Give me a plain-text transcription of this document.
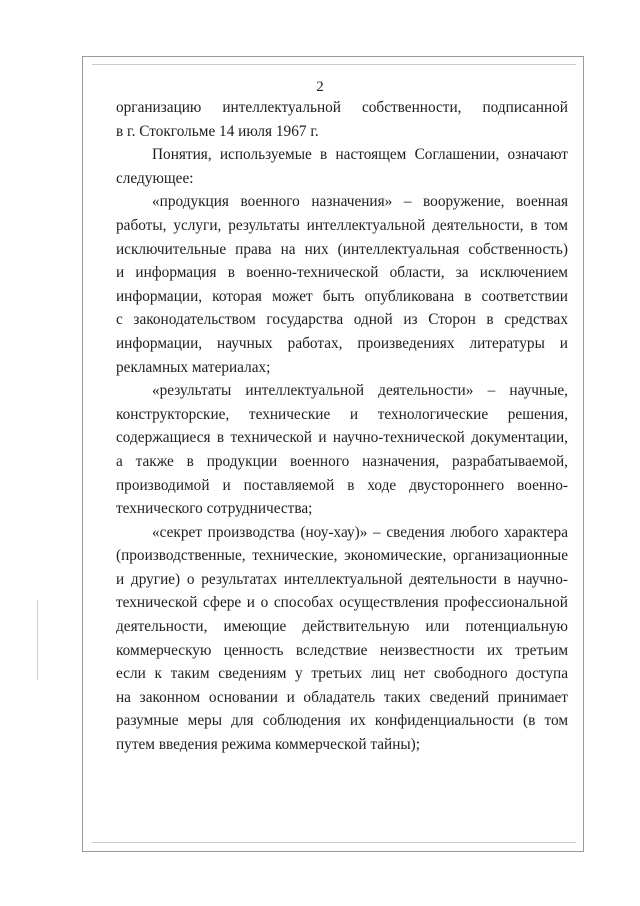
2
организацию интеллектуальной собственности, подписанной
в г. Стокгольме 14 июля 1967 г.
Понятия, используемые в настоящем Соглашении, означают
следующее:
«продукция военного назначения» – вооружение, военная
работы, услуги, результаты интеллектуальной деятельности, в том
исключительные права на них (интеллектуальная собственность)
и информация в военно-технической области, за исключением
информации, которая может быть опубликована в соответствии
с законодательством государства одной из Сторон в средствах
информации, научных работах, произведениях литературы и
рекламных материалах;
«результаты интеллектуальной деятельности» – научные,
конструкторские, технические и технологические решения,
содержащиеся в технической и научно-технической документации,
а также в продукции военного назначения, разрабатываемой,
производимой и поставляемой в ходе двустороннего военно-
технического сотрудничества;
«секрет производства (ноу-хау)» – сведения любого характера
(производственные, технические, экономические, организационные
и другие) о результатах интеллектуальной деятельности в научно-
технической сфере и о способах осуществления профессиональной
деятельности, имеющие действительную или потенциальную
коммерческую ценность вследствие неизвестности их третьим
если к таким сведениям у третьих лиц нет свободного доступа
на законном основании и обладатель таких сведений принимает
разумные меры для соблюдения их конфиденциальности (в том
путем введения режима коммерческой тайны);
